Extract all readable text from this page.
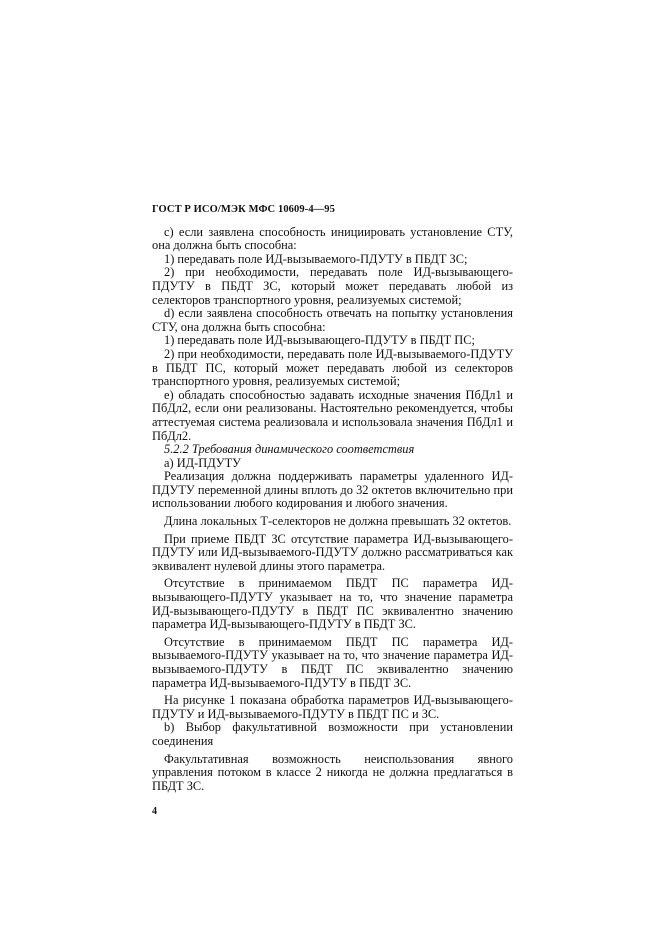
ГОСТ Р ИСО/МЭК МФС 10609-4—95

c) если заявлена способность инициировать установление СТУ, она должна быть способна:

1) передавать поле ИД-вызываемого-ПДУТУ в ПБДТ ЗС;

2) при необходимости, передавать поле ИД-вызывающего-ПДУТУ в ПБДТ ЗС, который может передавать любой из селекторов транспортного уровня, реализуемых системой;

d) если заявлена способность отвечать на попытку установления СТУ, она должна быть способна:

1) передавать поле ИД-вызывающего-ПДУТУ в ПБДТ ПС;

2) при необходимости, передавать поле ИД-вызываемого-ПДУТУ в ПБДТ ПС, который может передавать любой из селекторов транспортного уровня, реализуемых системой;

e) обладать способностью задавать исходные значения ПбДл1 и ПбДл2, если они реализованы. Настоятельно рекомендуется, чтобы аттестуемая система реализовала и использовала значения ПбДл1 и ПбДл2.

5.2.2 Требования динамического соответствия

a) ИД-ПДУТУ

Реализация должна поддерживать параметры удаленного ИД-ПДУТУ переменной длины вплоть до 32 октетов включительно при использовании любого кодирования и любого значения.

Длина локальных Т-селекторов не должна превышать 32 октетов.

При приеме ПБДТ ЗС отсутствие параметра ИД-вызывающего-ПДУТУ или ИД-вызываемого-ПДУТУ должно рассматриваться как эквивалент нулевой длины этого параметра.

Отсутствие в принимаемом ПБДТ ПС параметра ИД-вызывающего-ПДУТУ указывает на то, что значение параметра ИД-вызывающего-ПДУТУ в ПБДТ ПС эквивалентно значению параметра ИД-вызывающего-ПДУТУ в ПБДТ ЗС.

Отсутствие в принимаемом ПБДТ ПС параметра ИД-вызываемого-ПДУТУ указывает на то, что значение параметра ИД-вызываемого-ПДУТУ в ПБДТ ПС эквивалентно значению параметра ИД-вызываемого-ПДУТУ в ПБДТ ЗС.

На рисунке 1 показана обработка параметров ИД-вызывающего-ПДУТУ и ИД-вызываемого-ПДУТУ в ПБДТ ПС и ЗС.

b) Выбор факультативной возможности при установлении соединения

Факультативная возможность неиспользования явного управления потоком в классе 2 никогда не должна предлагаться в ПБДТ ЗС.

4
